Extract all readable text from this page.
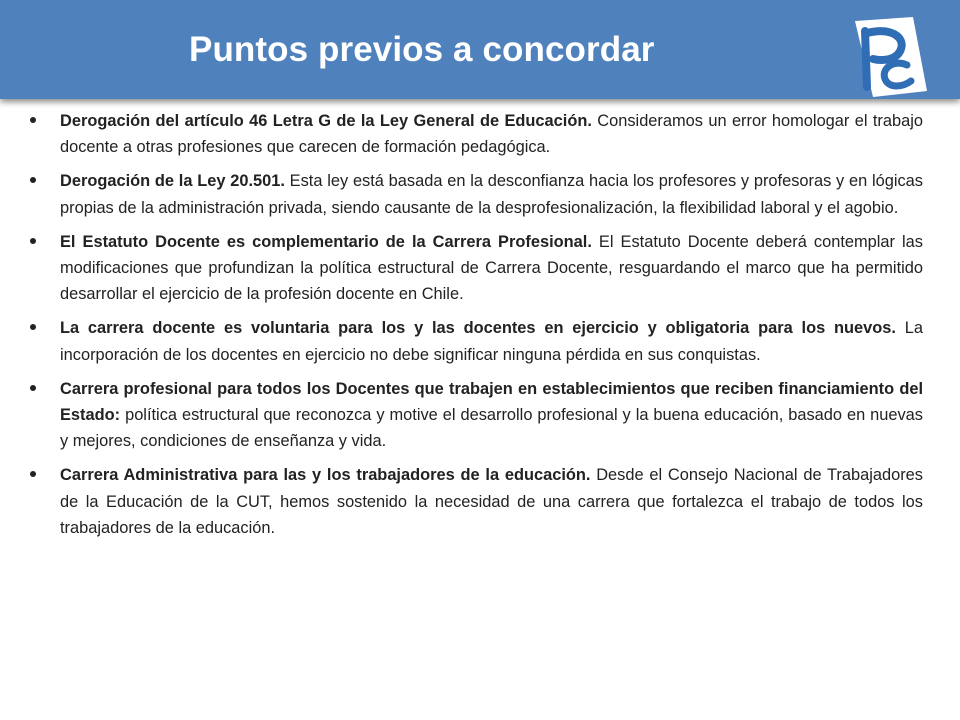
Puntos previos a concordar
Derogación del artículo 46 Letra G de la Ley General de Educación. Consideramos un error homologar el trabajo docente a otras profesiones que carecen de formación pedagógica.
Derogación de la Ley 20.501. Esta ley está basada en la desconfianza hacia los profesores y profesoras y en lógicas propias de la administración privada, siendo causante de la desprofesionalización, la flexibilidad laboral y el agobio.
El Estatuto Docente es complementario de la Carrera Profesional. El Estatuto Docente deberá contemplar las modificaciones que profundizan la política estructural de Carrera Docente, resguardando el marco que ha permitido desarrollar el ejercicio de la profesión docente en Chile.
La carrera docente es voluntaria para los y las docentes en ejercicio y obligatoria para los nuevos. La incorporación de los docentes en ejercicio no debe significar ninguna pérdida en sus conquistas.
Carrera profesional para todos los Docentes que trabajen en establecimientos que reciben financiamiento del Estado: política estructural que reconozca y motive el desarrollo profesional y la buena educación, basado en nuevas y mejores, condiciones de enseñanza y vida.
Carrera Administrativa para las y los trabajadores de la educación. Desde el Consejo Nacional de Trabajadores de la Educación de la CUT, hemos sostenido la necesidad de una carrera que fortalezca el trabajo de todos los trabajadores de la educación.
